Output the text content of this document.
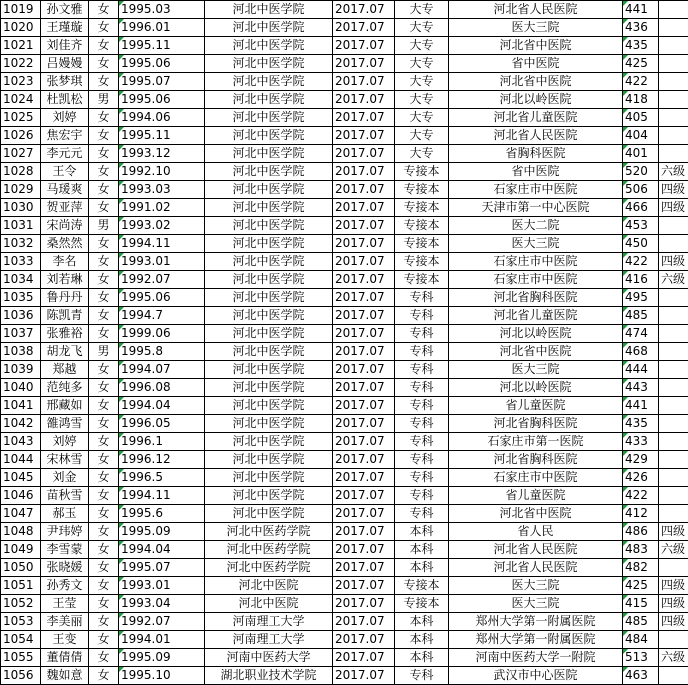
1019	孙文雅	女	1995.03	河北中医学院	2017.07	大专	河北省人民医院	441	
1020	王瑾璇	女	1996.01	河北中医学院	2017.07	大专	医大三院	436	
1021	刘佳齐	女	1995.11	河北中医学院	2017.07	大专	河北省中医院	435	
1022	吕嫚嫚	女	1995.06	河北中医学院	2017.07	大专	省中医院	425	
1023	张梦琪	女	1995.07	河北中医学院	2017.07	大专	河北省中医院	422	
1024	杜凯松	男	1995.06	河北中医学院	2017.07	大专	河北以岭医院	418	
1025	刘婷	女	1994.06	河北中医学院	2017.07	大专	河北省儿童医院	405	
1026	焦宏宇	女	1995.11	河北中医学院	2017.07	大专	河北省人民医院	404	
1027	李元元	女	1993.12	河北中医学院	2017.07	大专	省胸科医院	401	
1028	王令	女	1992.10	河北中医学院	2017.07	专接本	省中医院	520	六级
1029	马瑗爽	女	1993.03	河北中医学院	2017.07	专接本	石家庄市中医院	506	四级
1030	贺亚萍	女	1991.02	河北中医学院	2017.07	专接本	天津市第一中心医院	466	四级
1031	宋尚涛	男	1993.02	河北中医学院	2017.07	专接本	医大二院	453	
1032	桑然然	女	1994.11	河北中医学院	2017.07	专接本	医大三院	450	
1033	李名	女	1993.01	河北中医学院	2017.07	专接本	石家庄市中医院	422	四级
1034	刘若琳	女	1992.07	河北中医学院	2017.07	专接本	石家庄市中医院	416	六级
1035	鲁丹丹	女	1995.06	河北中医学院	2017.07	专科	河北省胸科医院	495	
1036	陈凯青	女	1994.7	河北中医学院	2017.07	专科	河北省儿童医院	485	
1037	张雅裕	女	1999.06	河北中医学院	2017.07	专科	河北以岭医院	474	
1038	胡龙飞	男	1995.8	河北中医学院	2017.07	专科	河北省中医院	468	
1039	郑越	女	1994.07	河北中医学院	2017.07	专科	医大三院	444	
1040	范纯多	女	1996.08	河北中医学院	2017.07	专科	河北以岭医院	443	
1041	邢藏如	女	1994.04	河北中医学院	2017.07	专科	省儿童医院	441	
1042	雒鸿雪	女	1996.05	河北中医学院	2017.07	专科	河北省胸科医院	435	
1043	刘婷	女	1996.1	河北中医学院	2017.07	专科	石家庄市第一医院	433	
1044	宋林雪	女	1996.12	河北中医学院	2017.07	专科	河北省胸科医院	429	
1045	刘金	女	1996.5	河北中医学院	2017.07	专科	石家庄市中医院	426	
1046	苗秋雪	女	1994.11	河北中医学院	2017.07	专科	省儿童医院	422	
1047	郝玉	女	1995.6	河北中医学院	2017.07	专科	河北省中医院	412	
1048	尹玮婷	女	1995.09	河北中医药学院	2017.07	本科	省人民	486	四级
1049	李雪蒙	女	1994.04	河北中医药学院	2017.07	本科	河北省人民医院	483	六级
1050	张晓媛	女	1995.07	河北中医药学院	2017.07	本科	河北省人民医院	482	
1051	孙秀文	女	1993.01	河北中医院	2017.07	专接本	医大三院	425	四级
1052	王莹	女	1993.04	河北中医院	2017.07	专接本	医大三院	415	四级
1053	李美丽	女	1992.07	河南理工大学	2017.07	本科	郑州大学第一附属医院	485	四级
1054	王变	女	1994.01	河南理工大学	2017.07	本科	郑州大学第一附属医院	484	
1055	董倩倩	女	1995.09	河南中医药大学	2017.07	本科	河南中医药大学一附院	513	六级
1056	魏如意	女	1995.10	湖北职业技术学院	2017.07	专科	武汉市中心医院	463	
